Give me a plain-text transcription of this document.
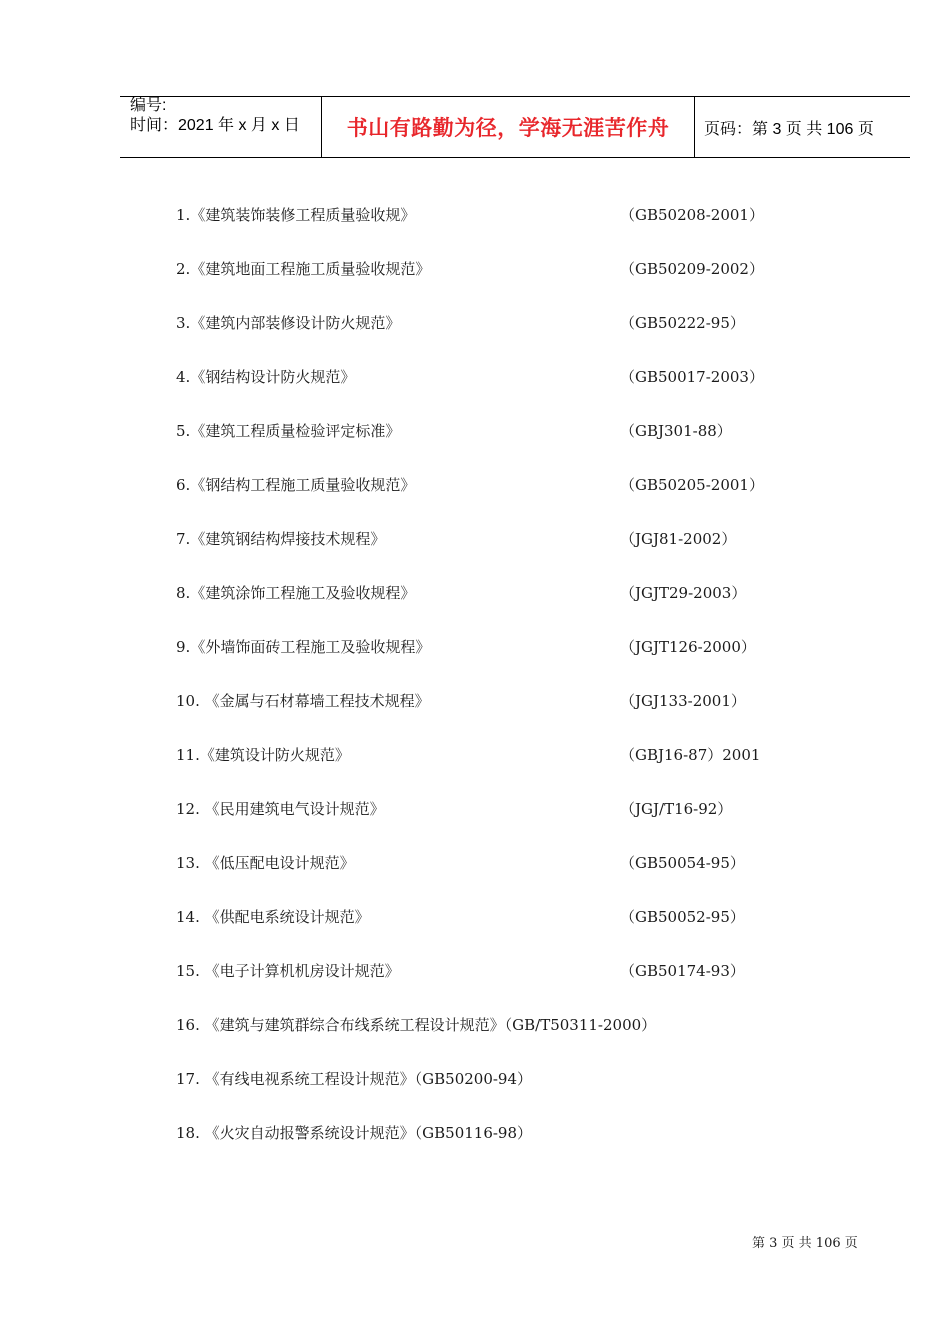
编号:
时间：2021 年 x 月 x 日	书山有路勤为径，学海无涯苦作舟	页码：第 3 页 共 106 页
1.《建筑装饰装修工程质量验收规》	（GB50208-2001）
2.《建筑地面工程施工质量验收规范》	（GB50209-2002）
3.《建筑内部装修设计防火规范》	（GB50222-95）
4.《钢结构设计防火规范》	（GB50017-2003）
5.《建筑工程质量检验评定标准》	（GBJ301-88）
6.《钢结构工程施工质量验收规范》	（GB50205-2001）
7.《建筑钢结构焊接技术规程》	（JGJ81-2002）
8.《建筑涂饰工程施工及验收规程》	（JGJT29-2003）
9.《外墙饰面砖工程施工及验收规程》	（JGJT126-2000）
10. 《金属与石材幕墙工程技术规程》	（JGJ133-2001）
11.《建筑设计防火规范》	（GBJ16-87）2001
12. 《民用建筑电气设计规范》	（JGJ/T16-92）
13. 《低压配电设计规范》	（GB50054-95）
14. 《供配电系统设计规范》	（GB50052-95）
15. 《电子计算机机房设计规范》	（GB50174-93）
16. 《建筑与建筑群综合布线系统工程设计规范》（GB/T50311-2000）
17. 《有线电视系统工程设计规范》（GB50200-94）
18. 《火灾自动报警系统设计规范》（GB50116-98）
第 3 页 共 106 页
